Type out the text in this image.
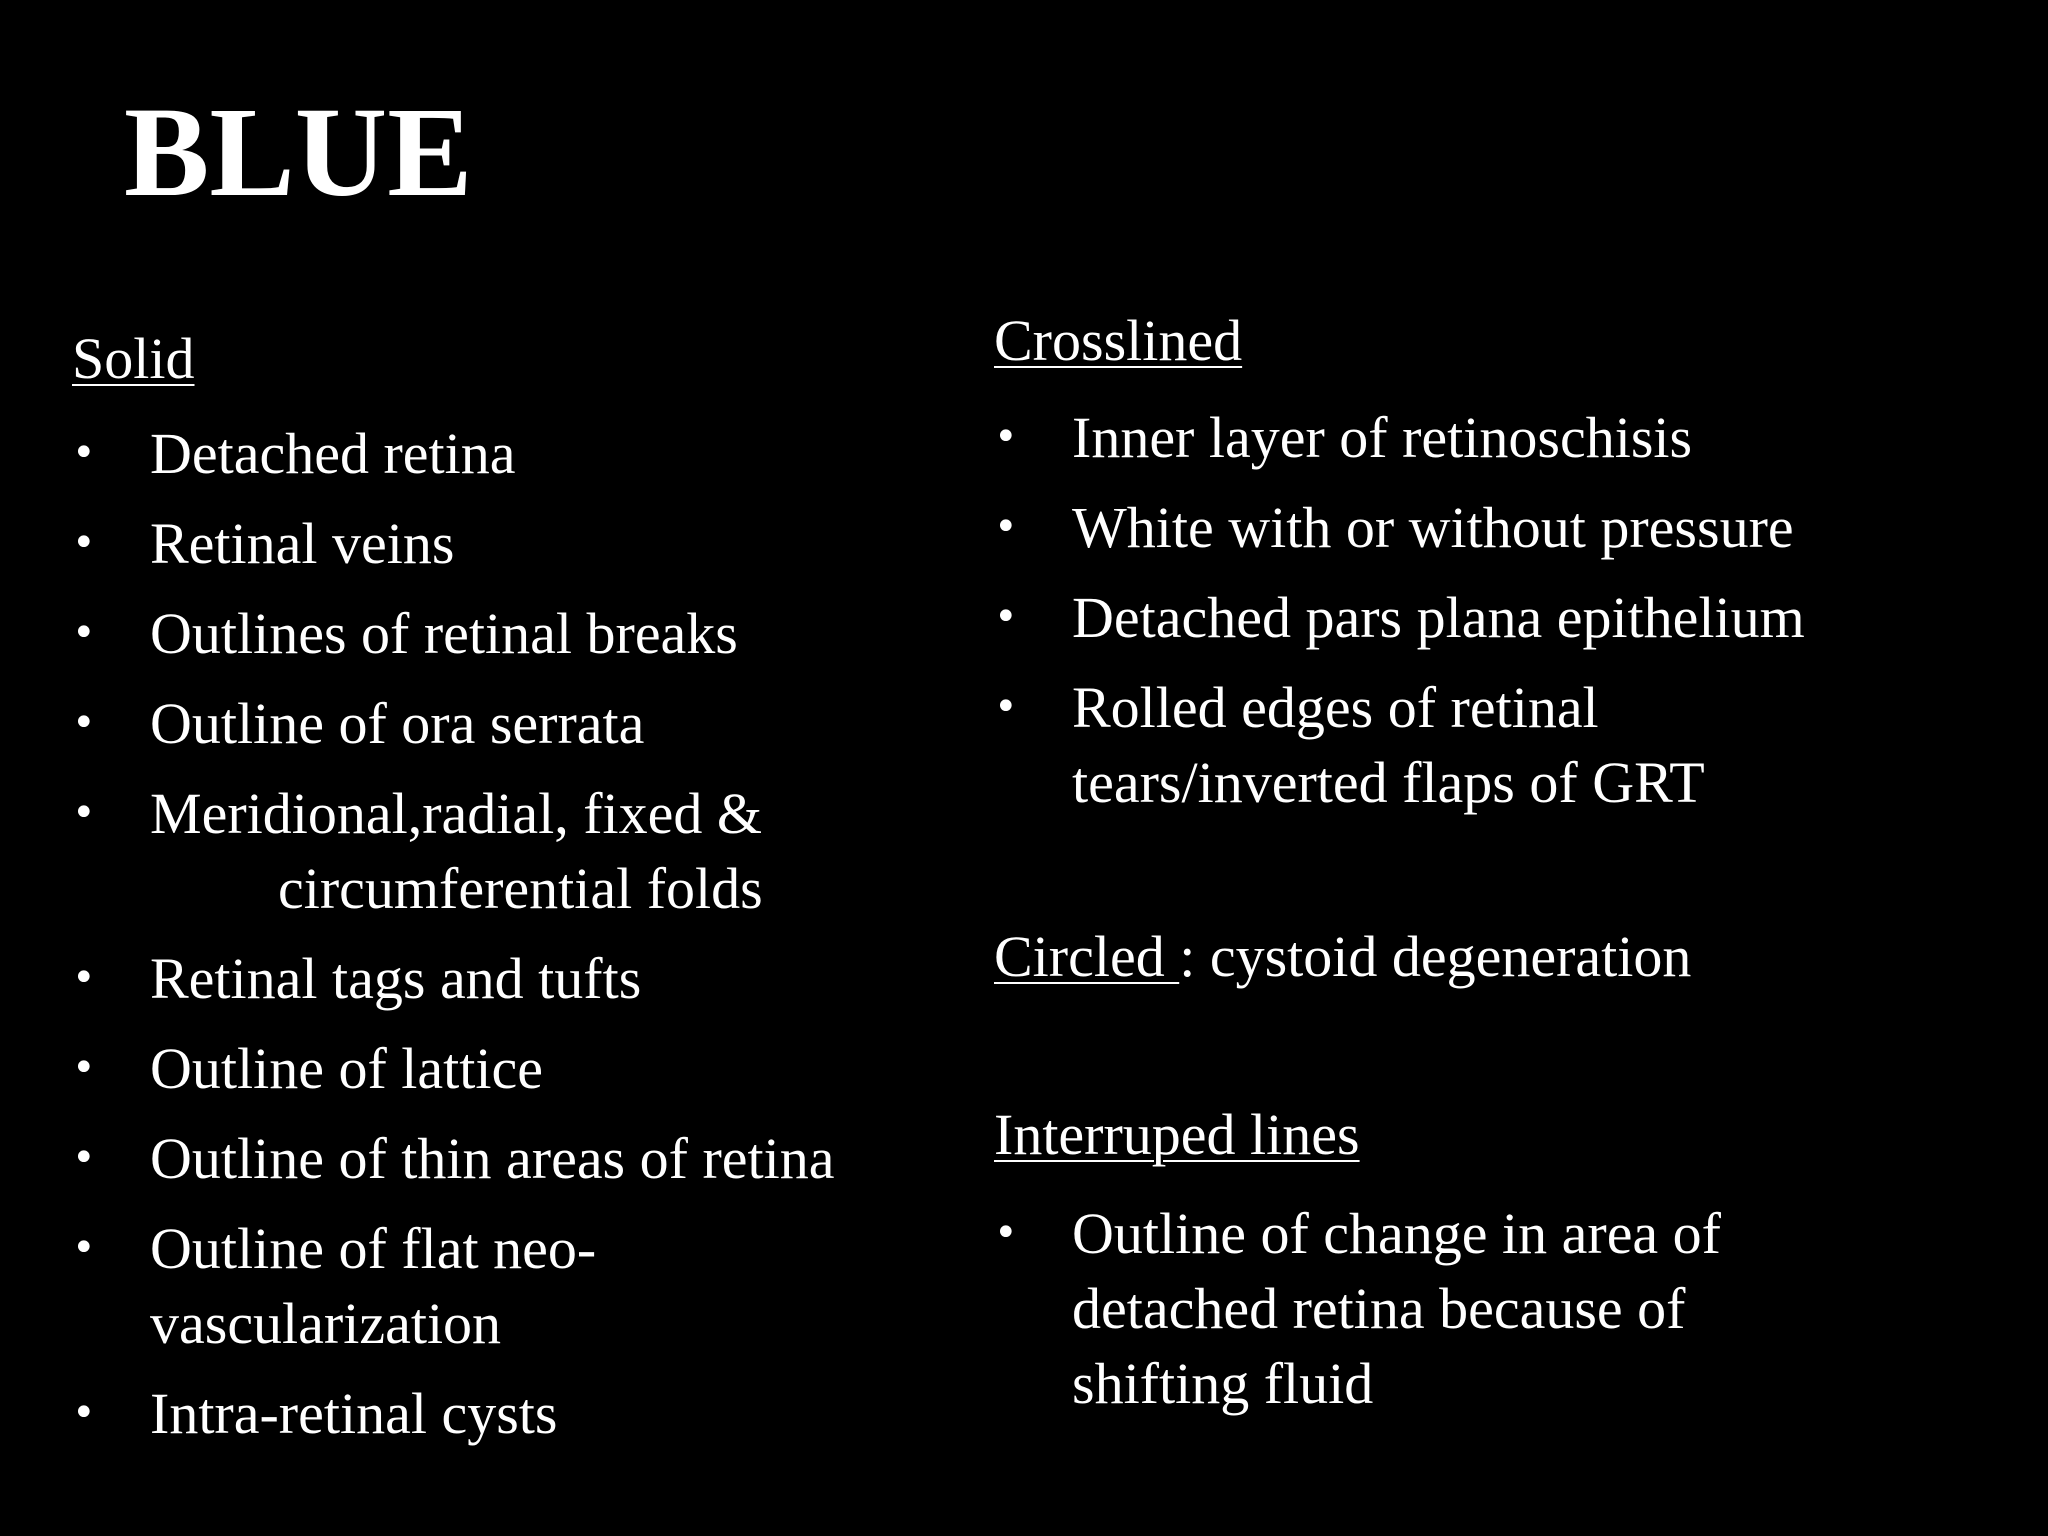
BLUE
Solid
• Detached retina
• Retinal veins
• Outlines of retinal breaks
• Outline of ora serrata
• Meridional,radial, fixed &
circumferential folds
• Retinal tags and tufts
• Outline of lattice
• Outline of thin areas of retina
• Outline of flat neo-
vascularization
• Intra-retinal cysts
Crosslined
• Inner layer of retinoschisis
• White with or without pressure
• Detached pars plana epithelium
• Rolled edges of retinal
tears/inverted flaps of GRT
Circled : cystoid degeneration
Interruped lines
• Outline of change in area of
detached retina because of
shifting fluid
